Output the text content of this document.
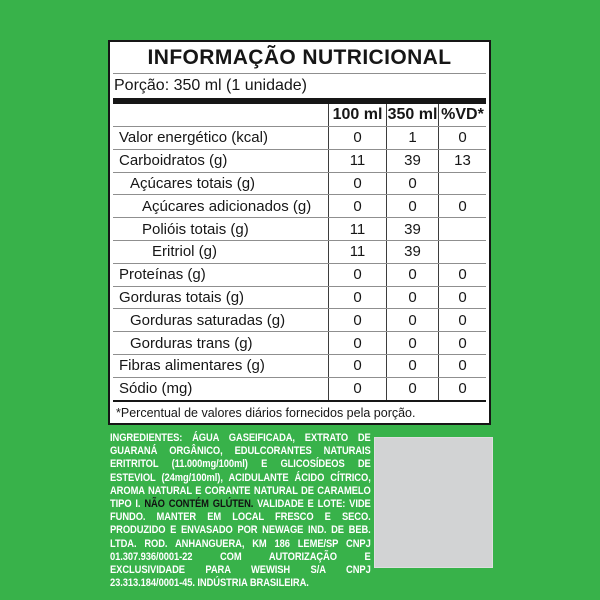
INFORMAÇÃO NUTRICIONAL
Porção: 350 ml (1 unidade)
100 ml 350 ml %VD*
Valor energético (kcal)	0	1	0
Carboidratos (g)	11	39	13
Açúcares totais (g)	0	0
Açúcares adicionados (g)	0	0	0
Polióis totais (g)	11	39
Eritriol (g)	11	39
Proteínas (g)	0	0	0
Gorduras totais (g)	0	0	0
Gorduras saturadas (g)	0	0	0
Gorduras trans (g)	0	0	0
Fibras alimentares (g)	0	0	0
Sódio (mg)	0	0	0
*Percentual de valores diários fornecidos pela porção.

INGREDIENTES: ÁGUA GASEIFICADA, EXTRATO DE GUARANÁ ORGÂNICO, EDULCORANTES NATURAIS ERITRITOL (11.000mg/100ml) E GLICOSÍDEOS DE ESTEVIOL (24mg/100ml), ACIDULANTE ÁCIDO CÍTRICO, AROMA NATURAL E CORANTE NATURAL DE CARAMELO TIPO I. NÃO CONTÉM GLÚTEN. VALIDADE E LOTE: VIDE FUNDO. MANTER EM LOCAL FRESCO E SECO. PRODUZIDO E ENVASADO POR NEWAGE IND. DE BEB. LTDA. ROD. ANHANGUERA, KM 186 LEME/SP CNPJ 01.307.936/0001-22 COM AUTORIZAÇÃO E EXCLUSIVIDADE PARA WEWISH S/A CNPJ 23.313.184/0001-45. INDÚSTRIA BRASILEIRA.
